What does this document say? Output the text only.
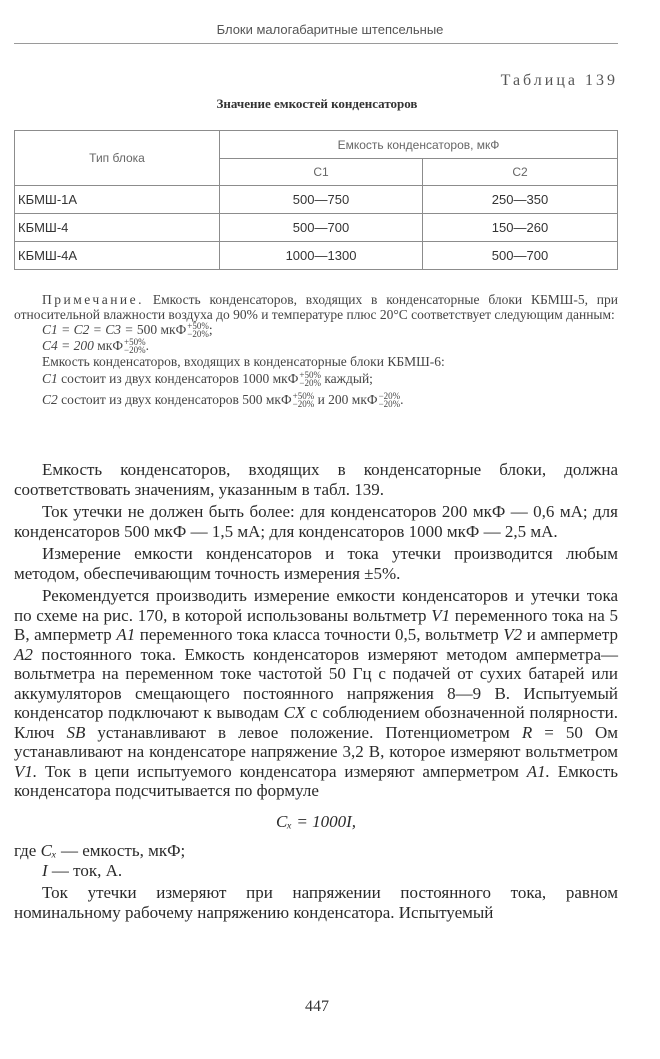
Блоки малогабаритные штепсельные
Таблица 139
Значение емкостей конденсаторов
Тип блока	Емкость конденсаторов, мкФ	
	С1	С2
КБМШ-1А	500—750	250—350
КБМШ-4	500—700	150—260
КБМШ-4А	1000—1300	500—700

Примечание. Емкость конденсаторов, входящих в конденсаторные блоки КБМШ-5, при относительной влажности воздуха до 90% и температуре плюс 20°С соответствует следующим данным:

C1 = C2 = C3 = 500 мкФ +50%
−20% ;

C4 = 200 мкФ +50%
−20% .

Емкость конденсаторов, входящих в конденсаторные блоки КБМШ-6:

C1 состоит из двух конденсаторов 1000 мкФ +50%
−20% каждый;

C2 состоит из двух конденсаторов 500 мкФ +50%
−20% и 200 мкФ −20%
−20% .

Емкость конденсаторов, входящих в конденсаторные блоки, должна соответствовать значениям, указанным в табл. 139.

Ток утечки не должен быть более: для конденсаторов 200 мкФ — 0,6 мА; для конденсаторов 500 мкФ — 1,5 мА; для конденсаторов 1000 мкФ — 2,5 мА.

Измерение емкости конденсаторов и тока утечки производится любым методом, обеспечивающим точность измерения ±5%.

Рекомендуется производить измерение емкости конденсаторов и утечки тока по схеме на рис. 170, в которой использованы вольтметр V1 переменного тока на 5 В, амперметр A1 переменного тока класса точности 0,5, вольтметр V2 и амперметр A2 постоянного тока. Емкость конденсаторов измеряют методом амперметра—вольтметра на переменном токе частотой 50 Гц с подачей от сухих батарей или аккумуляторов смещающего постоянного напряжения 8—9 В. Испытуемый конденсатор подключают к выводам CX с соблюдением обозначенной полярности. Ключ SB устанавливают в левое положение. Потенциометром R = 50 Ом устанавливают на конденсаторе напряжение 3,2 В, которое измеряют вольтметром V1. Ток в цепи испытуемого конденсатора измеряют амперметром A1. Емкость конденсатора подсчитывается по формуле

Cₓ = 1000I,

где Cₓ — емкость, мкФ;

I — ток, А.

Ток утечки измеряют при напряжении постоянного тока, равном номинальному рабочему напряжению конденсатора. Испытуемый

447
